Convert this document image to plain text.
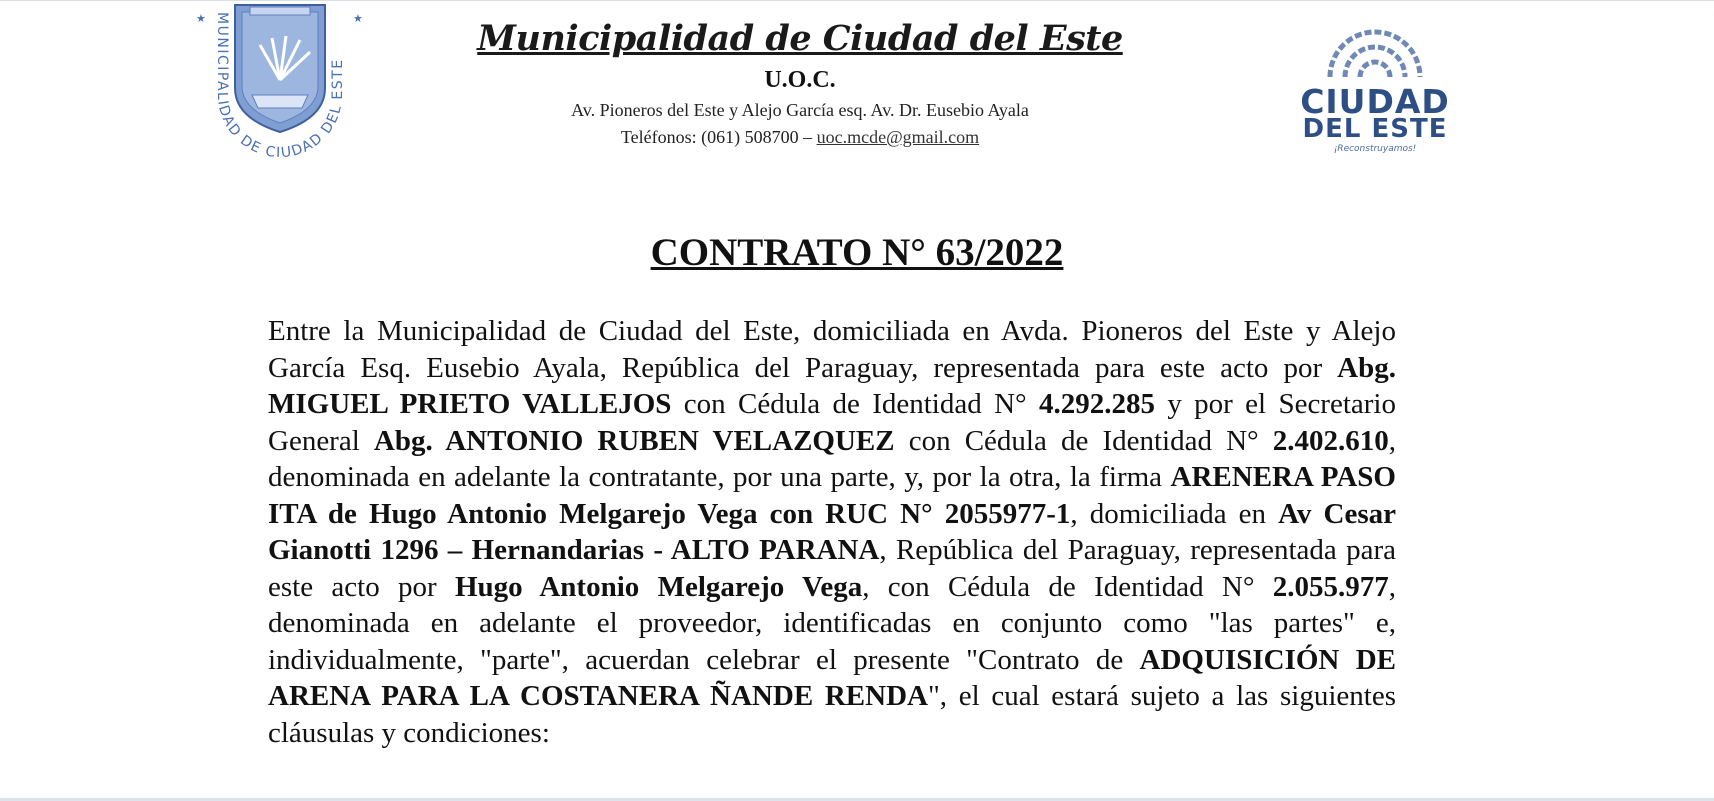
MUNICIPALIDAD DE CIUDAD DEL ESTE
★	★	Municipalidad de Ciudad del Este
U.O.C.
Av. Pioneros del Este y Alejo García esq. Av. Dr. Eusebio Ayala
Teléfonos: (061) 508700 – uoc.mcde@gmail.com
CIUDAD
DEL ESTE
¡Reconstruyamos!
CONTRATO N° 63/2022
Entre la Municipalidad de Ciudad del Este, domiciliada en Avda. Pioneros del Este y Alejo García Esq. Eusebio Ayala, República del Paraguay, representada para este acto por Abg. MIGUEL PRIETO VALLEJOS con Cédula de Identidad N° 4.292.285 y por el Secretario General Abg. ANTONIO RUBEN VELAZQUEZ con Cédula de Identidad N° 2.402.610, denominada en adelante la contratante, por una parte, y, por la otra, la firma ARENERA PASO ITA de Hugo Antonio Melgarejo Vega con RUC N° 2055977-1, domiciliada en Av Cesar Gianotti 1296 – Hernandarias - ALTO PARANA, República del Paraguay, representada para este acto por Hugo Antonio Melgarejo Vega, con Cédula de Identidad N° 2.055.977, denominada en adelante el proveedor, identificadas en conjunto como "las partes" e, individualmente, "parte", acuerdan celebrar el presente "Contrato de ADQUISICIÓN DE ARENA PARA LA COSTANERA ÑANDE RENDA", el cual estará sujeto a las siguientes cláusulas y condiciones:
